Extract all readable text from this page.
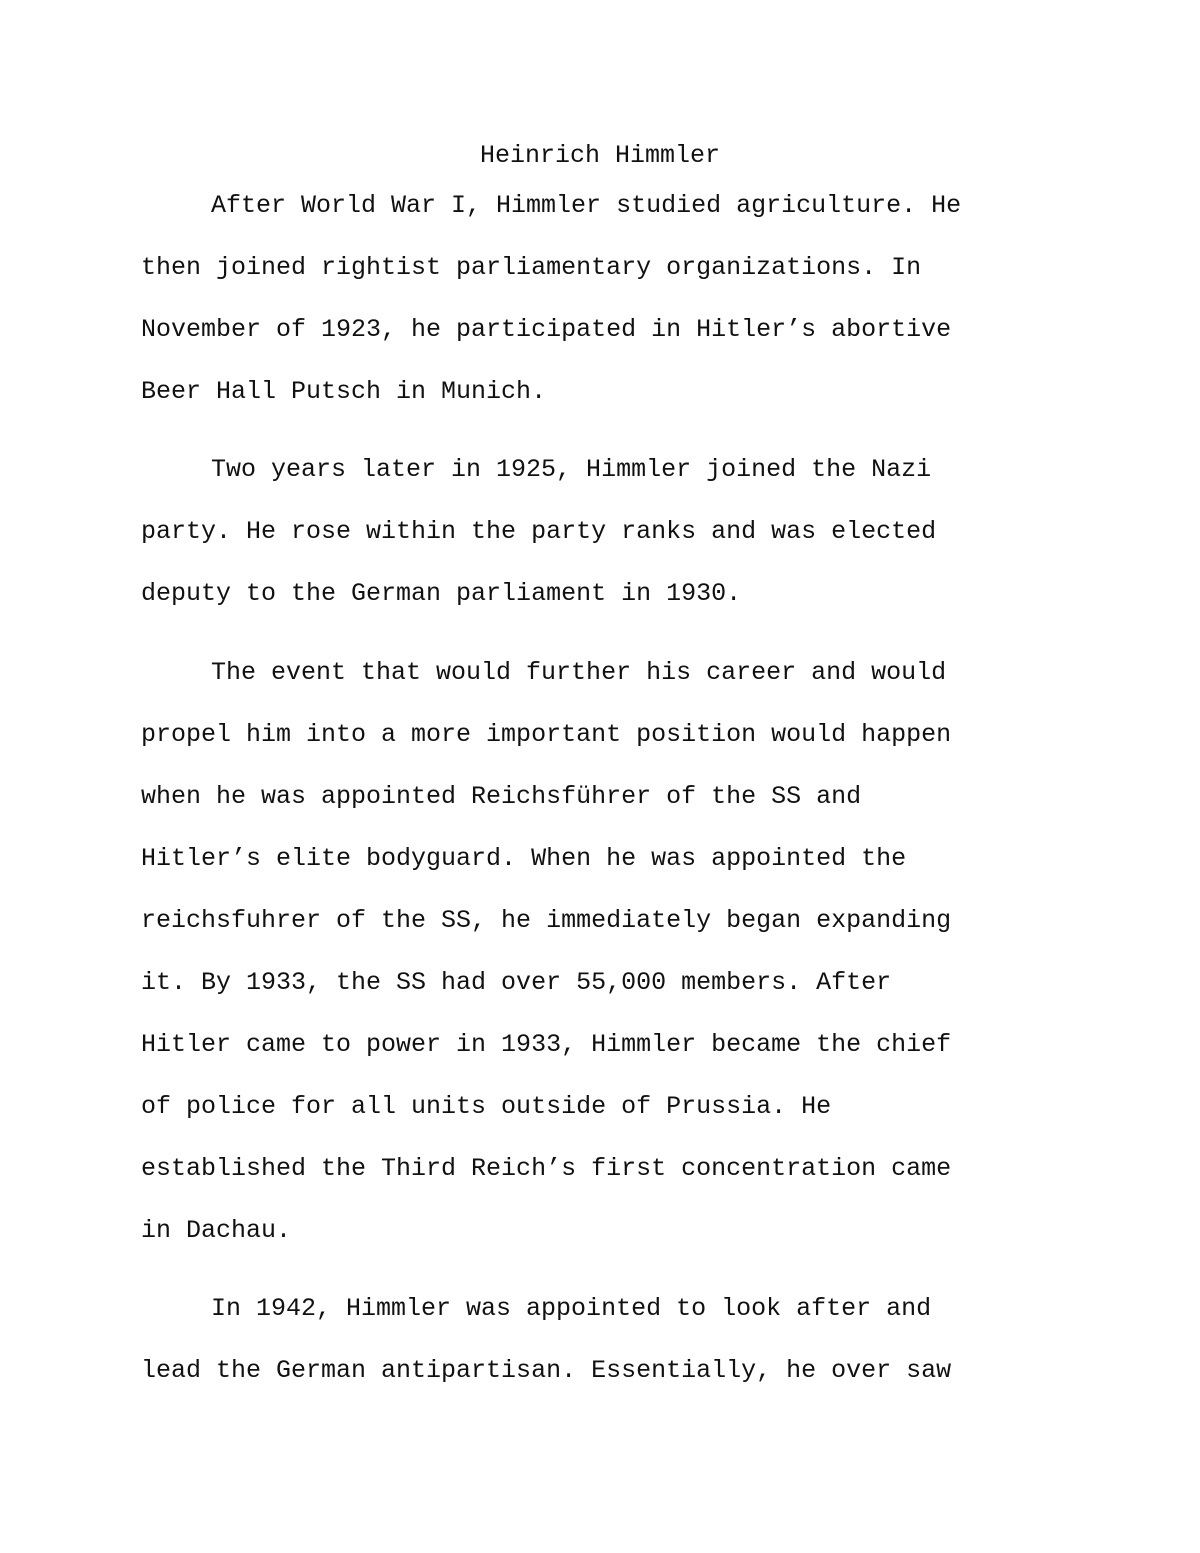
Heinrich Himmler
After World War I, Himmler studied agriculture. He
then joined rightist parliamentary organizations. In
November of 1923, he participated in Hitler’s abortive
Beer Hall Putsch in Munich.
Two years later in 1925, Himmler joined the Nazi
party. He rose within the party ranks and was elected
deputy to the German parliament in 1930.
The event that would further his career and would
propel him into a more important position would happen
when he was appointed Reichsführer of the SS and
Hitler’s elite bodyguard. When he was appointed the
reichsfuhrer of the SS, he immediately began expanding
it. By 1933, the SS had over 55,000 members. After
Hitler came to power in 1933, Himmler became the chief
of police for all units outside of Prussia. He
established the Third Reich’s first concentration came
in Dachau.
In 1942, Himmler was appointed to look after and
lead the German antipartisan. Essentially, he over saw
